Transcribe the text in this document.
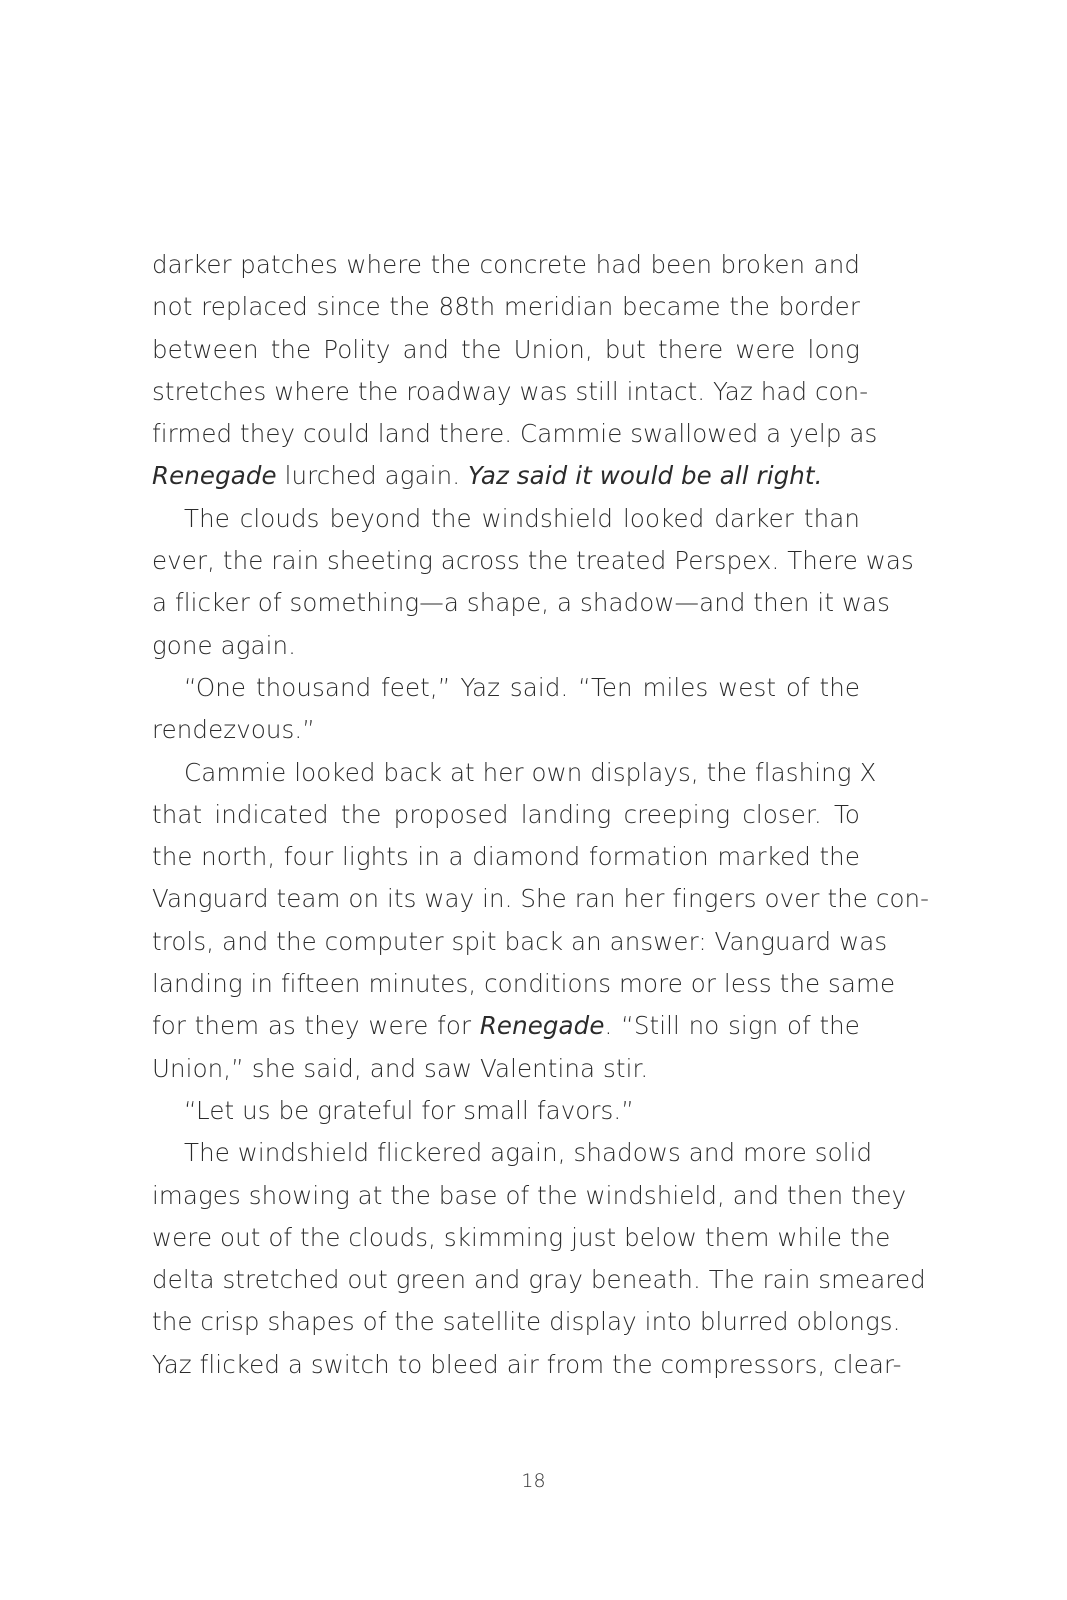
darker patches where the concrete had been broken and
not replaced since the 88th meridian became the border
between the Polity and the Union, but there were long
stretches where the roadway was still intact. Yaz had con-
firmed they could land there. Cammie swallowed a yelp as
Renegade lurched again. Yaz said it would be all right.
The clouds beyond the windshield looked darker than
ever, the rain sheeting across the treated Perspex. There was
a flicker of something—a shape, a shadow—and then it was
gone again.
“One thousand feet,” Yaz said. “Ten miles west of the
rendezvous.”
Cammie looked back at her own displays, the flashing X
that indicated the proposed landing creeping closer. To
the north, four lights in a diamond formation marked the
Vanguard team on its way in. She ran her fingers over the con-
trols, and the computer spit back an answer: Vanguard was
landing in fifteen minutes, conditions more or less the same
for them as they were for Renegade. “Still no sign of the
Union,” she said, and saw Valentina stir.
“Let us be grateful for small favors.”
The windshield flickered again, shadows and more solid
images showing at the base of the windshield, and then they
were out of the clouds, skimming just below them while the
delta stretched out green and gray beneath. The rain smeared
the crisp shapes of the satellite display into blurred oblongs.
Yaz flicked a switch to bleed air from the compressors, clear-
18
